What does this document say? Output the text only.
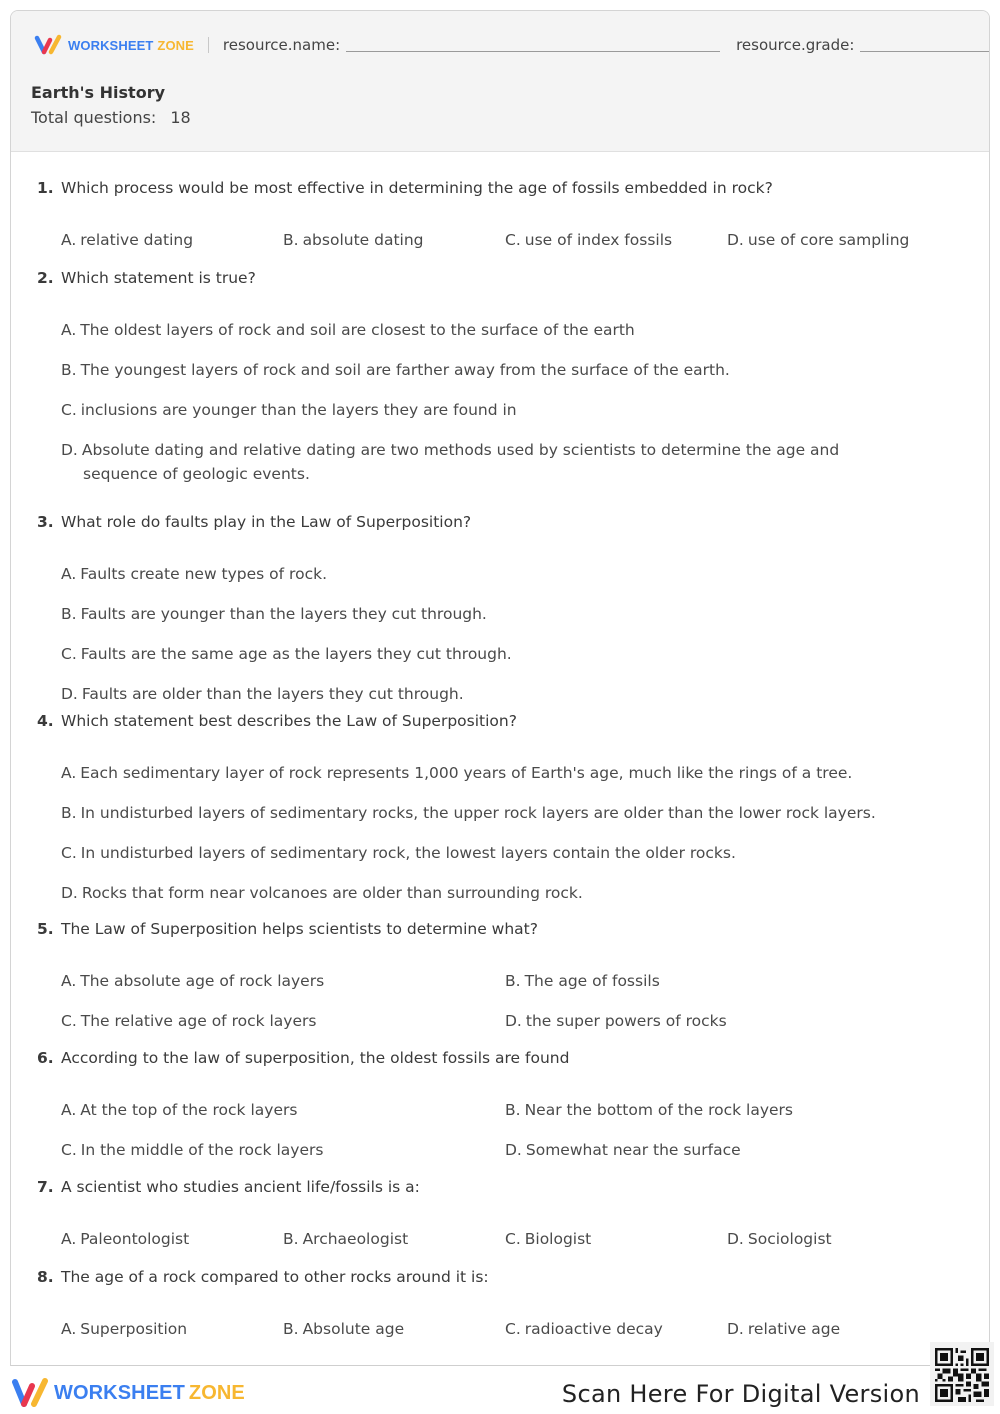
WORKSHEET ZONE resource.name:	resource.grade:
Earth's History
Total questions: 18
1. Which process would be most effective in determining the age of fossils embedded in rock?
A. relative dating	B. absolute dating	C. use of index fossils	D. use of core sampling
2. Which statement is true?
A. The oldest layers of rock and soil are closest to the surface of the earth
B. The youngest layers of rock and soil are farther away from the surface of the earth.
C. inclusions are younger than the layers they are found in
D. Absolute dating and relative dating are two methods used by scientists to determine the age and sequence of geologic events.
3. What role do faults play in the Law of Superposition?
A. Faults create new types of rock.
B. Faults are younger than the layers they cut through.
C. Faults are the same age as the layers they cut through.
D. Faults are older than the layers they cut through.
4. Which statement best describes the Law of Superposition?
A. Each sedimentary layer of rock represents 1,000 years of Earth's age, much like the rings of a tree.
B. In undisturbed layers of sedimentary rocks, the upper rock layers are older than the lower rock layers.
C. In undisturbed layers of sedimentary rock, the lowest layers contain the older rocks.
D. Rocks that form near volcanoes are older than surrounding rock.
5. The Law of Superposition helps scientists to determine what?
A. The absolute age of rock layers	B. The age of fossils
C. The relative age of rock layers	D. the super powers of rocks
6. According to the law of superposition, the oldest fossils are found
A. At the top of the rock layers	B. Near the bottom of the rock layers
C. In the middle of the rock layers	D. Somewhat near the surface
7. A scientist who studies ancient life/fossils is a:
A. Paleontologist	B. Archaeologist	C. Biologist	D. Sociologist
8. The age of a rock compared to other rocks around it is:
A. Superposition	B. Absolute age	C. radioactive decay	D. relative age
WORKSHEET ZONE	Scan Here For Digital Version
